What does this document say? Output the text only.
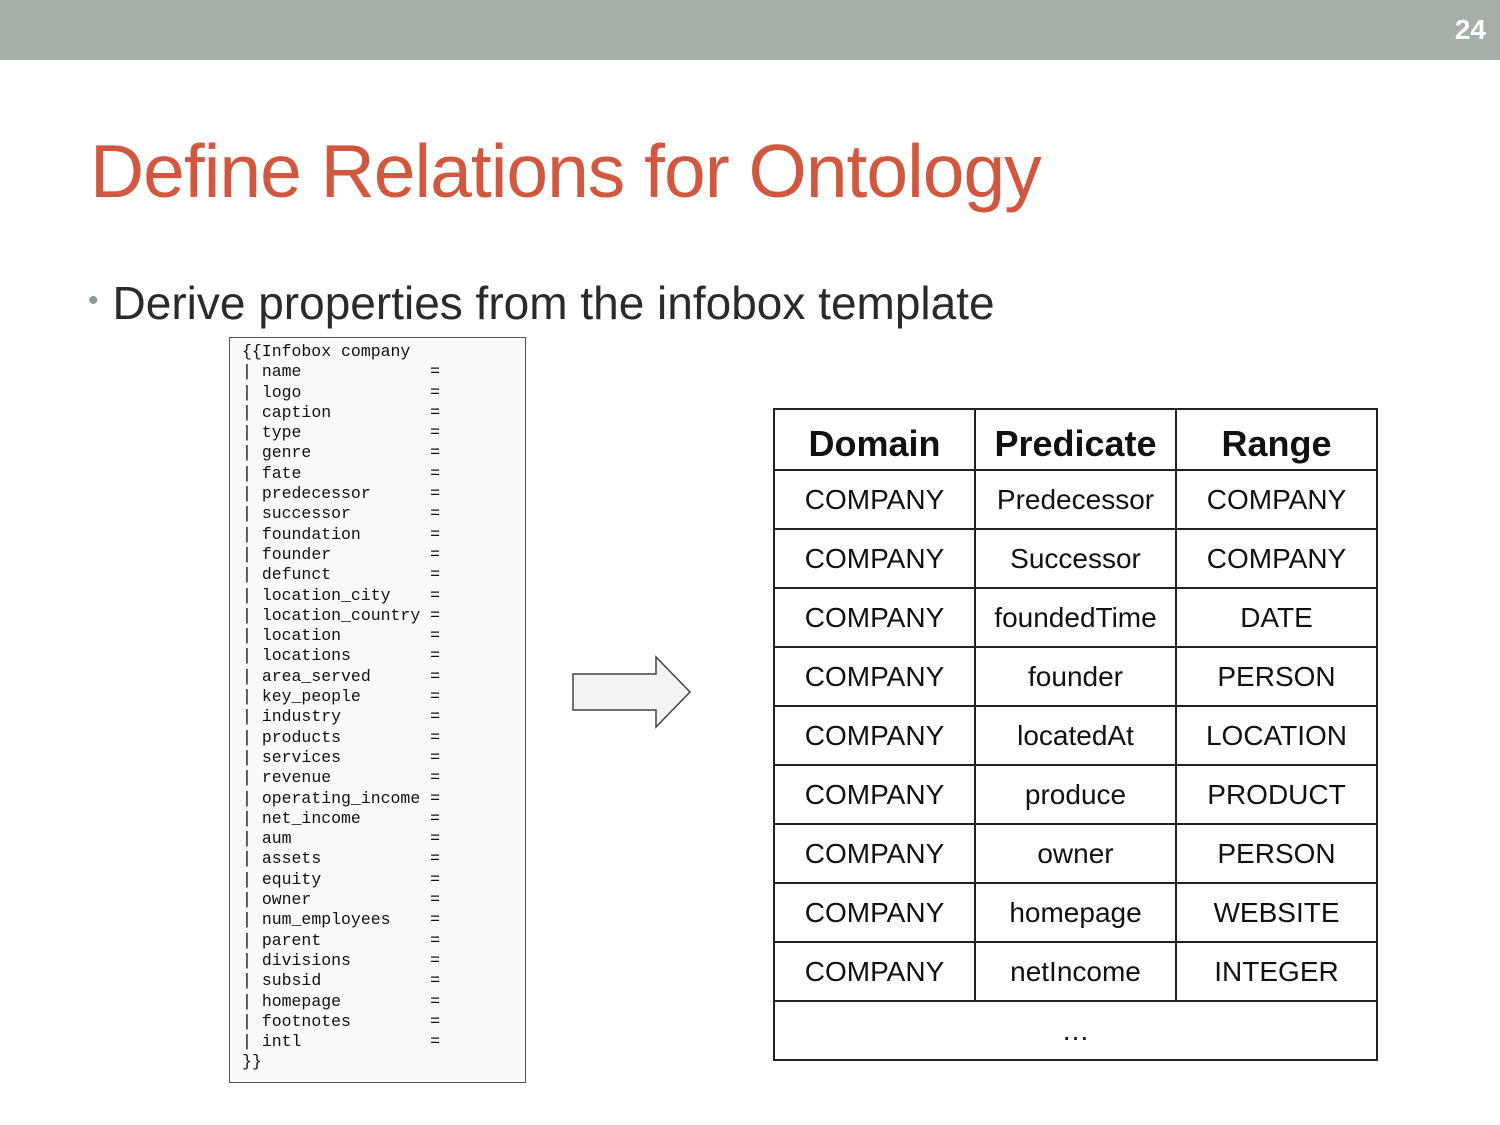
24
Define Relations for Ontology
• Derive properties from the infobox template
{{Infobox company
| name             =
| logo             =
| caption          =
| type             =
| genre            =
| fate             =
| predecessor      =
| successor        =
| foundation       =
| founder          =
| defunct          =
| location_city    =
| location_country =
| location         =
| locations        =
| area_served      =
| key_people       =
| industry         =
| products         =
| services         =
| revenue          =
| operating_income =
| net_income       =
| aum              =
| assets           =
| equity           =
| owner            =
| num_employees    =
| parent           =
| divisions        =
| subsid           =
| homepage         =
| footnotes        =
| intl             =
}}
Domain	Predicate	Range
COMPANY	Predecessor	COMPANY
COMPANY	Successor	COMPANY
COMPANY	foundedTime	DATE
COMPANY	founder	PERSON
COMPANY	locatedAt	LOCATION
COMPANY	produce	PRODUCT
COMPANY	owner	PERSON
COMPANY	homepage	WEBSITE
COMPANY	netIncome	INTEGER
…		
